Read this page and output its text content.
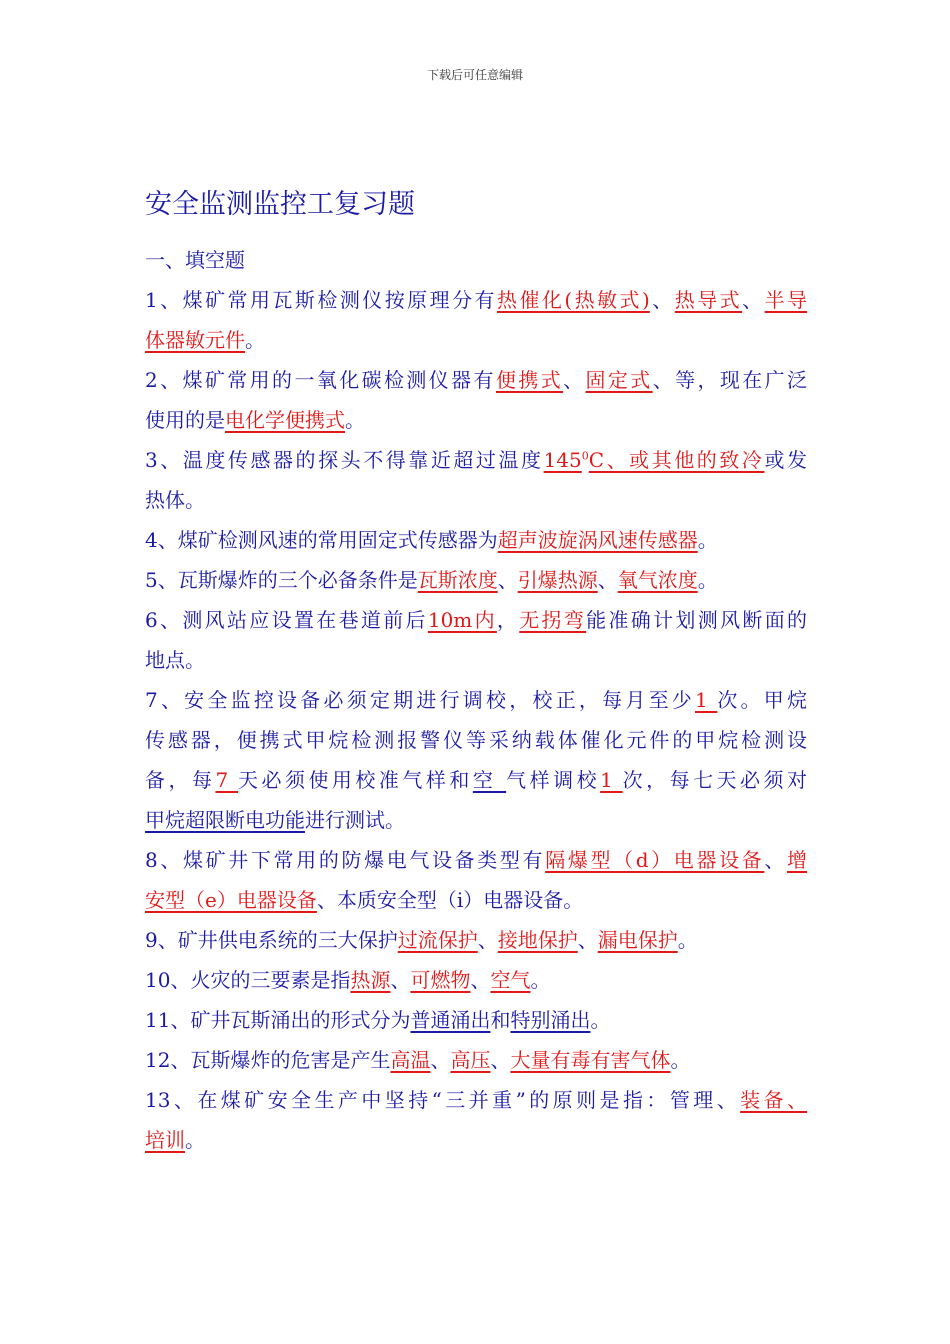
下载后可任意编辑
安全监测监控工复习题
一、填空题
1、煤矿常用瓦斯检测仪按原理分有热催化(热敏式)、热导式、半导
体器敏元件。
2、煤矿常用的一氧化碳检测仪器有便携式、固定式、等，现在广泛
使用的是电化学便携式。
3、温度传感器的探头不得靠近超过温度$145^0C$、或其他的致冷或发
热体。
4、煤矿检测风速的常用固定式传感器为超声波旋涡风速传感器。
5、瓦斯爆炸的三个必备条件是瓦斯浓度、引爆热源、氧气浓度。
6、测风站应设置在巷道前后10m内，无拐弯能准确计划测风断面的
地点。
7、安全监控设备必须定期进行调校，校正，每月至少1 次。甲烷
传感器，便携式甲烷检测报警仪等采纳载体催化元件的甲烷检测设
备，每7 天必须使用校准气样和空 气样调校1 次，每七天必须对
甲烷超限断电功能进行测试。
8、煤矿井下常用的防爆电气设备类型有隔爆型（d）电器设备、增
安型（e）电器设备、本质安全型（i）电器设备。
9、矿井供电系统的三大保护过流保护、接地保护、漏电保护。
10、火灾的三要素是指热源、可燃物、空气。
11、矿井瓦斯涌出的形式分为普通涌出和特别涌出。
12、瓦斯爆炸的危害是产生高温、高压、大量有毒有害气体。
13、在煤矿安全生产中坚持“三并重”的原则是指：管理、装备、
培训。
